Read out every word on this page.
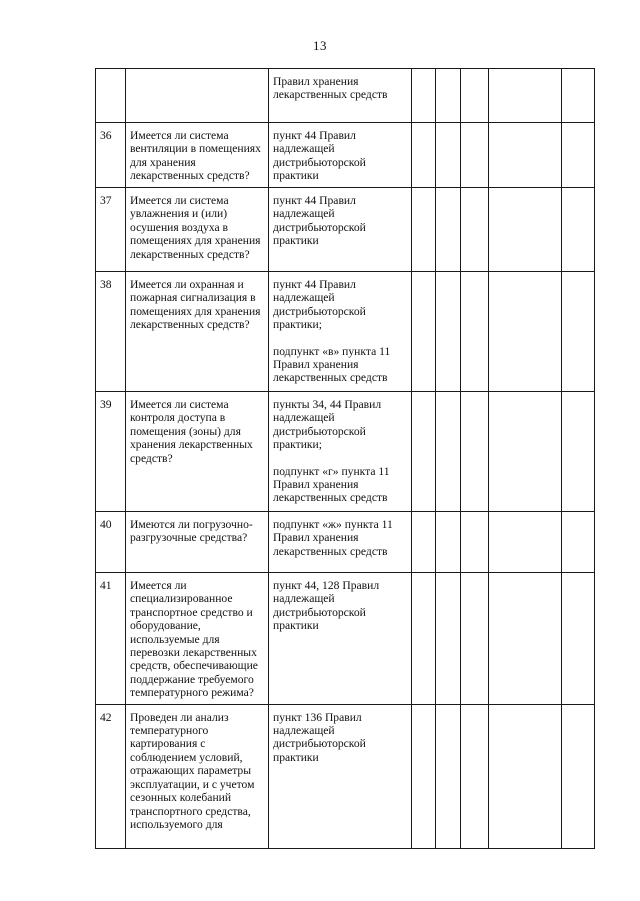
13

		Правил хранения лекарственных средств					

36	Имеется ли система вентиляции в помещениях для хранения лекарственных средств?	пункт 44 Правил надлежащей дистрибьюторской практики					

37	Имеется ли система увлажнения и (или) осушения воздуха в помещениях для хранения лекарственных средств?	пункт 44 Правил надлежащей дистрибьюторской практики					

38	Имеется ли охранная и пожарная сигнализация в помещениях для хранения лекарственных средств?	пункт 44 Правил надлежащей дистрибьюторской практики;
подпункт «в» пункта 11 Правил хранения лекарственных средств					

39	Имеется ли система контроля доступа в помещения (зоны) для хранения лекарственных средств?	пункты 34, 44 Правил надлежащей дистрибьюторской практики;
подпункт «г» пункта 11 Правил хранения лекарственных средств					

40	Имеются ли погрузочно-разгрузочные средства?	подпункт «ж» пункта 11 Правил хранения лекарственных средств					

41	Имеется ли специализированное транспортное средство и оборудование, используемые для перевозки лекарственных средств, обеспечивающие поддержание требуемого температурного режима?	пункт 44, 128 Правил надлежащей дистрибьюторской практики					

42	Проведен ли анализ температурного картирования с соблюдением условий, отражающих параметры эксплуатации, и с учетом сезонных колебаний транспортного средства, используемого для	пункт 136 Правил надлежащей дистрибьюторской практики					
